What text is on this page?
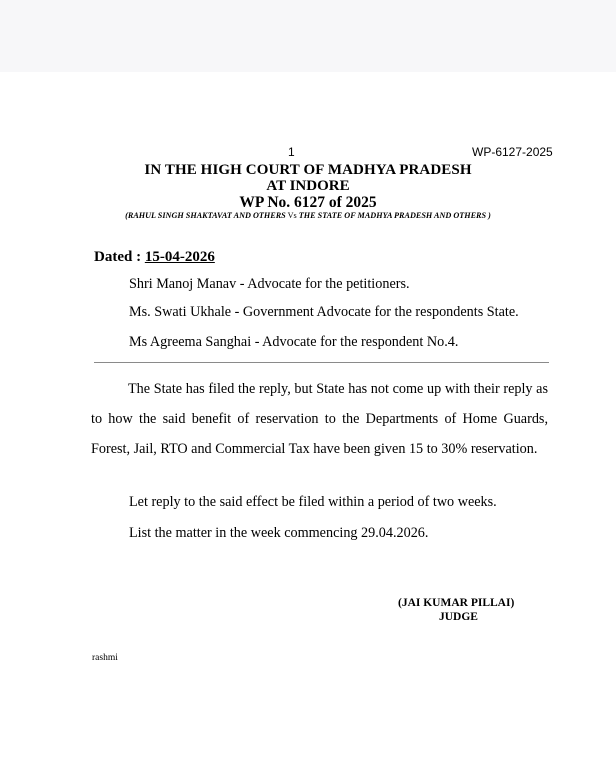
1	WP-6127-2025
IN THE HIGH COURT OF MADHYA PRADESH
AT INDORE
WP No. 6127 of 2025
(RAHUL SINGH SHAKTAVAT AND OTHERS Vs THE STATE OF MADHYA PRADESH AND OTHERS )
Dated : 15-04-2026
Shri Manoj Manav - Advocate for the petitioners.
Ms. Swati Ukhale - Government Advocate for the respondents State.
Ms Agreema Sanghai - Advocate for the respondent No.4.
The State has filed the reply, but State has not come up with their reply as to how the said benefit of reservation to the Departments of Home Guards, Forest, Jail, RTO and Commercial Tax have been given 15 to 30% reservation.
Let reply to the said effect be filed within a period of two weeks.
List the matter in the week commencing 29.04.2026.
(JAI KUMAR PILLAI)
JUDGE
rashmi
